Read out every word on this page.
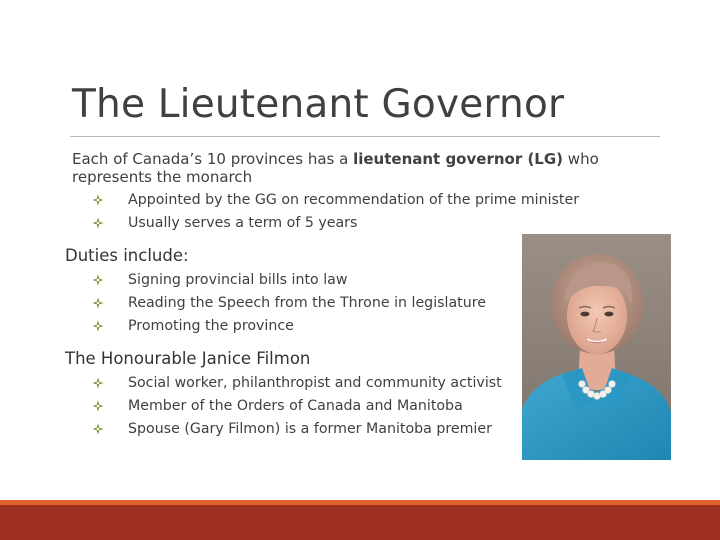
The Lieutenant Governor
Each of Canada’s 10 provinces has a lieutenant governor (LG) who
represents the monarch
Appointed by the GG on recommendation of the prime minister
Usually serves a term of 5 years
Duties include:
Signing provincial bills into law
Reading the Speech from the Throne in legislature
Promoting the province
The Honourable Janice Filmon
Social worker, philanthropist and community activist
Member of the Orders of Canada and Manitoba
Spouse (Gary Filmon) is a former Manitoba premier
